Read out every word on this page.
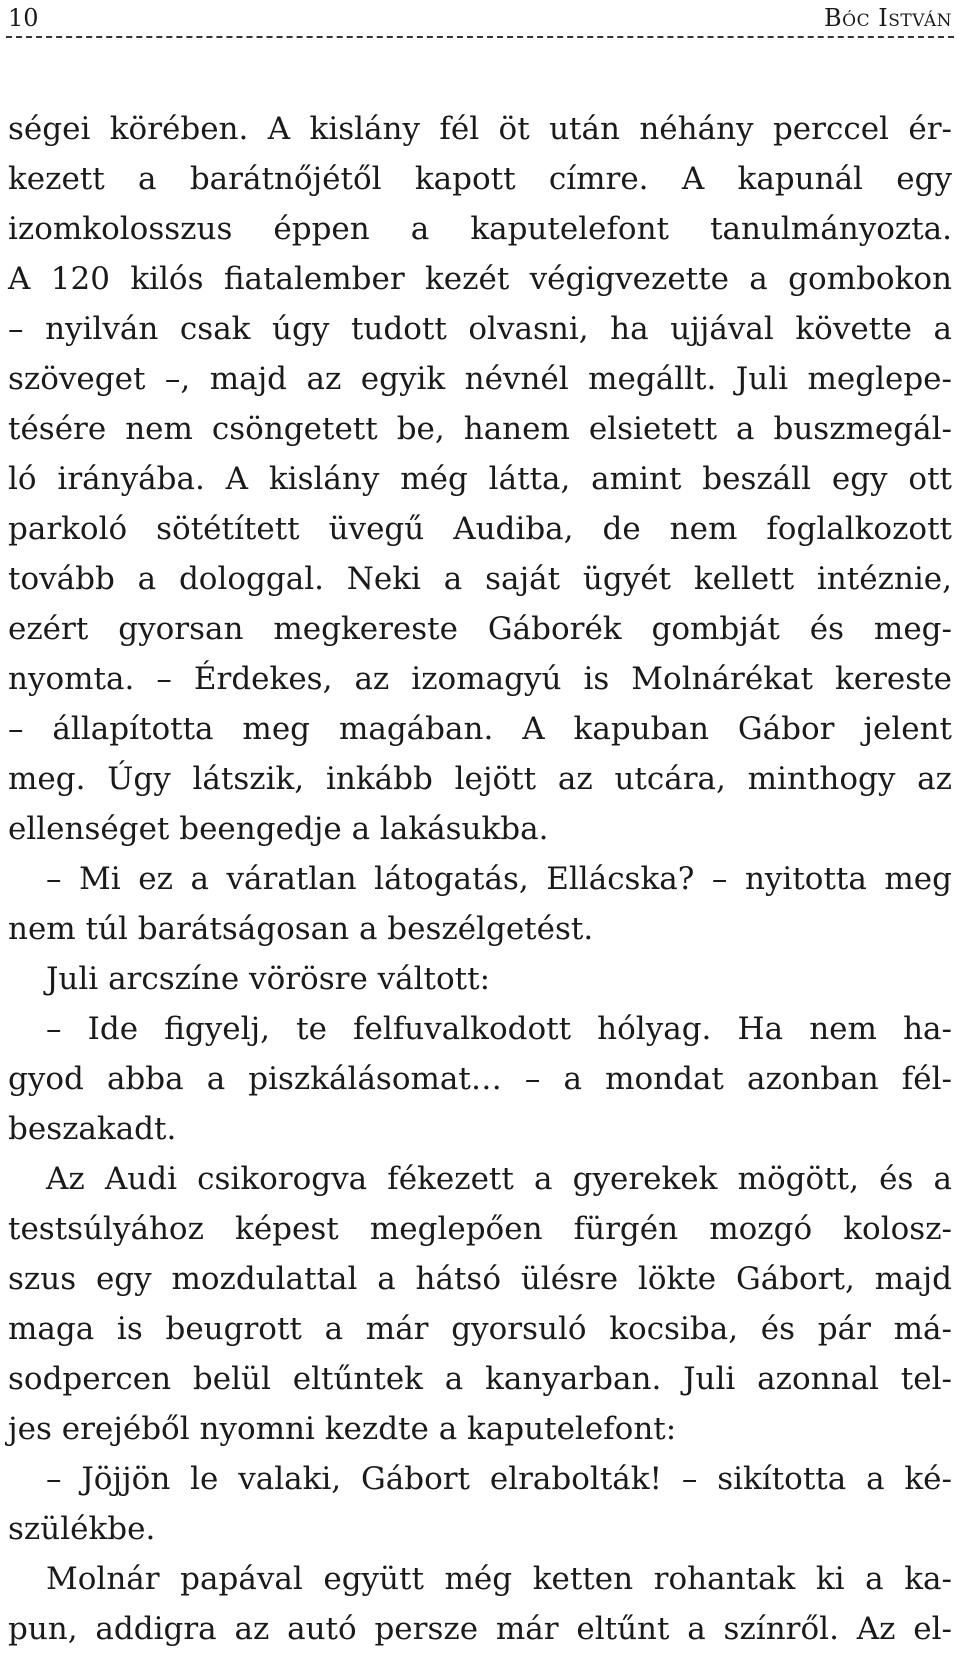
10	Bóc István
ségei körében. A kislány fél öt után néhány perccel ér-
kezett a barátnőjétől kapott címre. A kapunál egy
izomkolosszus éppen a kaputelefont tanulmányozta.
A 120 kilós fiatalember kezét végigvezette a gombokon
– nyilván csak úgy tudott olvasni, ha ujjával követte a
szöveget –, majd az egyik névnél megállt. Juli meglepe-
tésére nem csöngetett be, hanem elsietett a buszmegál-
ló irányába. A kislány még látta, amint beszáll egy ott
parkoló sötétített üvegű Audiba, de nem foglalkozott
tovább a dologgal. Neki a saját ügyét kellett intéznie,
ezért gyorsan megkereste Gáborék gombját és meg-
nyomta. – Érdekes, az izomagyú is Molnárékat kereste
– állapította meg magában. A kapuban Gábor jelent
meg. Úgy látszik, inkább lejött az utcára, minthogy az
ellenséget beengedje a lakásukba.
– Mi ez a váratlan látogatás, Ellácska? – nyitotta meg
nem túl barátságosan a beszélgetést.
Juli arcszíne vörösre váltott:
– Ide figyelj, te felfuvalkodott hólyag. Ha nem ha-
gyod abba a piszkálásomat… – a mondat azonban fél-
beszakadt.
Az Audi csikorogva fékezett a gyerekek mögött, és a
testsúlyához képest meglepően fürgén mozgó kolosz-
szus egy mozdulattal a hátsó ülésre lökte Gábort, majd
maga is beugrott a már gyorsuló kocsiba, és pár má-
sodpercen belül eltűntek a kanyarban. Juli azonnal tel-
jes erejéből nyomni kezdte a kaputelefont:
– Jöjjön le valaki, Gábort elrabolták! – sikította a ké-
szülékbe.
Molnár papával együtt még ketten rohantak ki a ka-
pun, addigra az autó persze már eltűnt a színről. Az el-
